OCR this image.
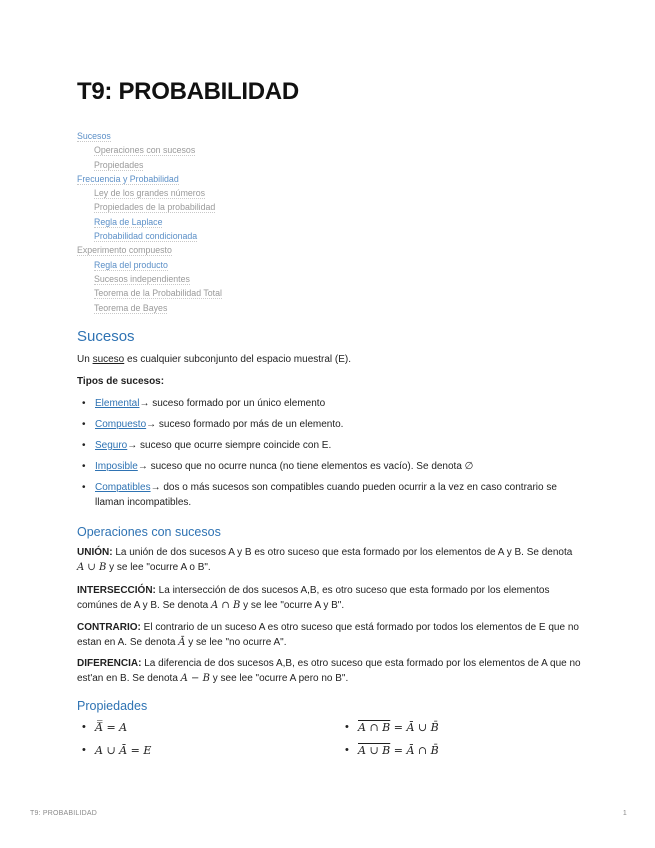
T9: PROBABILIDAD
Sucesos
Operaciones con sucesos
Propiedades
Frecuencia y Probabilidad
Ley de los grandes números
Propiedades de la probabilidad
Regla de Laplace
Probabilidad condicionada
Experimento compuesto
Regla del producto
Sucesos independientes
Teorema de la Probabilidad Total
Teorema de Bayes
Sucesos

Un suceso es cualquier subconjunto del espacio muestral (E).

Tipos de sucesos:

• Elemental→ suceso formado por un único elemento
• Compuesto→ suceso formado por más de un elemento.
• Seguro→ suceso que ocurre siempre coincide con E.
• Imposible→ suceso que no ocurre nunca (no tiene elementos es vacío). Se denota ∅
• Compatibles→ dos o más sucesos son compatibles cuando pueden ocurrir a la vez en caso contrario se llaman incompatibles.
Operaciones con sucesos

UNIÓN: La unión de dos sucesos A y B es otro suceso que esta formado por los elementos de A y B. Se denota A ∪ B y se lee "ocurre A o B".

INTERSECCIÓN: La intersección de dos sucesos A,B, es otro suceso que esta formado por los elementos comúnes de A y B. Se denota A ∩ B y se lee "ocurre A y B".

CONTRARIO: El contrario de un suceso A es otro suceso que está formado por todos los elementos de E que no estan en A. Se denota Ā y se lee "no ocurre A".

DIFERENCIA: La diferencia de dos sucesos A,B, es otro suceso que esta formado por los elementos de A que no est'an en B. Se denota A − B y see lee "ocurre A pero no B".

Propiedades
• A̿ = A
• A ∪ Ā = E
• A ∩ B = Ā ∪ B̄
• A ∪ B = Ā ∩ B̄
T9: PROBABILIDAD	1
